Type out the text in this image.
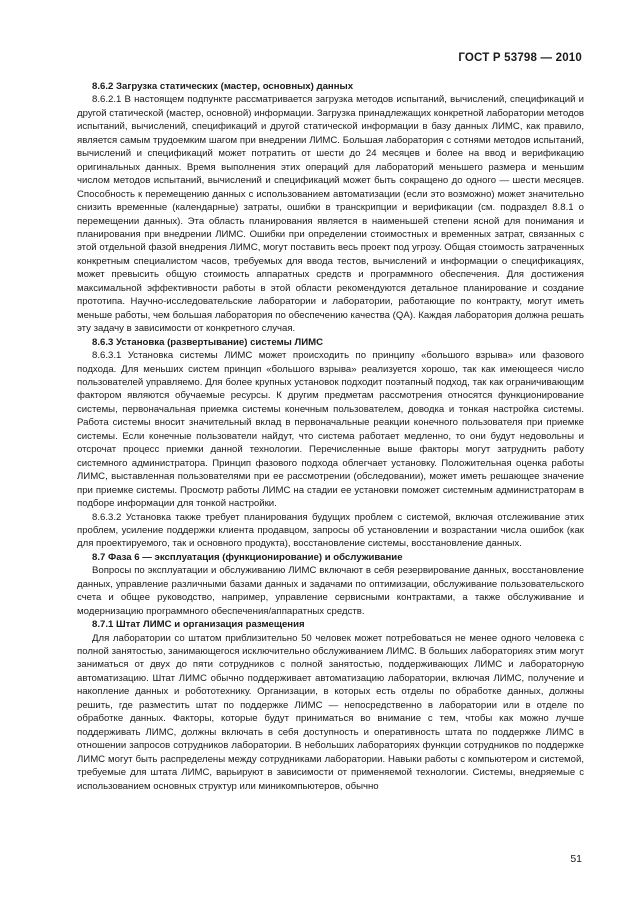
ГОСТ Р 53798 — 2010

8.6.2 Загрузка статических (мастер, основных) данных

8.6.2.1 В настоящем подпункте рассматривается загрузка методов испытаний, вычислений, спецификаций и другой статической (мастер, основной) информации. Загрузка принадлежащих конкретной лаборатории методов испытаний, вычислений, спецификаций и другой статической информации в базу данных ЛИМС, как правило, является самым трудоемким шагом при внедрении ЛИМС. Большая лаборатория с сотнями методов испытаний, вычислений и спецификаций может потратить от шести до 24 месяцев и более на ввод и верификацию оригинальных данных. Время выполнения этих операций для лабораторий меньшего размера и меньшим числом методов испытаний, вычислений и спецификаций может быть сокращено до одного — шести месяцев. Способность к перемещению данных с использованием автоматизации (если это возможно) может значительно снизить временные (календарные) затраты, ошибки в транскрипции и верификации (см. подраздел 8.8.1 о перемещении данных). Эта область планирования является в наименьшей степени ясной для понимания и планирования при внедрении ЛИМС. Ошибки при определении стоимостных и временных затрат, связанных с этой отдельной фазой внедрения ЛИМС, могут поставить весь проект под угрозу. Общая стоимость затраченных конкретным специалистом часов, требуемых для ввода тестов, вычислений и информации о спецификациях, может превысить общую стоимость аппаратных средств и программного обеспечения. Для достижения максимальной эффективности работы в этой области рекомендуются детальное планирование и создание прототипа. Научно-исследовательские лаборатории и лаборатории, работающие по контракту, могут иметь меньше работы, чем большая лаборатория по обеспечению качества (QA). Каждая лаборатория должна решать эту задачу в зависимости от конкретного случая.

8.6.3 Установка (развертывание) системы ЛИМС

8.6.3.1 Установка системы ЛИМС может происходить по принципу «большого взрыва» или фазового подхода. Для меньших систем принцип «большого взрыва» реализуется хорошо, так как имеющееся число пользователей управляемо. Для более крупных установок подходит поэтапный подход, так как ограничивающим фактором являются обучаемые ресурсы. К другим предметам рассмотрения относятся функционирование системы, первоначальная приемка системы конечным пользователем, доводка и тонкая настройка системы. Работа системы вносит значительный вклад в первоначальные реакции конечного пользователя при приемке системы. Если конечные пользователи найдут, что система работает медленно, то они будут недовольны и отсрочат процесс приемки данной технологии. Перечисленные выше факторы могут затруднить работу системного администратора. Принцип фазового подхода облегчает установку. Положительная оценка работы ЛИМС, выставленная пользователями при ее рассмотрении (обследовании), может иметь решающее значение при приемке системы. Просмотр работы ЛИМС на стадии ее установки поможет системным администраторам в подборе информации для тонкой настройки.

8.6.3.2 Установка также требует планирования будущих проблем с системой, включая отслеживание этих проблем, усиление поддержки клиента продавцом, запросы об установлении и возрастании числа ошибок (как для проектируемого, так и основного продукта), восстановление системы, восстановление данных.

8.7 Фаза 6 — эксплуатация (функционирование) и обслуживание

Вопросы по эксплуатации и обслуживанию ЛИМС включают в себя резервирование данных, восстановление данных, управление различными базами данных и задачами по оптимизации, обслуживание пользовательского счета и общее руководство, например, управление сервисными контрактами, а также обслуживание и модернизацию программного обеспечения/аппаратных средств.

8.7.1 Штат ЛИМС и организация размещения

Для лаборатории со штатом приблизительно 50 человек может потребоваться не менее одного человека с полной занятостью, занимающегося исключительно обслуживанием ЛИМС. В больших лабораториях этим могут заниматься от двух до пяти сотрудников с полной занятостью, поддерживающих ЛИМС и лабораторную автоматизацию. Штат ЛИМС обычно поддерживает автоматизацию лаборатории, включая ЛИМС, получение и накопление данных и робототехнику. Организации, в которых есть отделы по обработке данных, должны решить, где разместить штат по поддержке ЛИМС — непосредственно в лаборатории или в отделе по обработке данных. Факторы, которые будут приниматься во внимание с тем, чтобы как можно лучше поддерживать ЛИМС, должны включать в себя доступность и оперативность штата по поддержке ЛИМС в отношении запросов сотрудников лаборатории. В небольших лабораториях функции сотрудников по поддержке ЛИМС могут быть распределены между сотрудниками лаборатории. Навыки работы с компьютером и системой, требуемые для штата ЛИМС, варьируют в зависимости от применяемой технологии. Системы, внедряемые с использованием основных структур или миникомпьютеров, обычно

51
